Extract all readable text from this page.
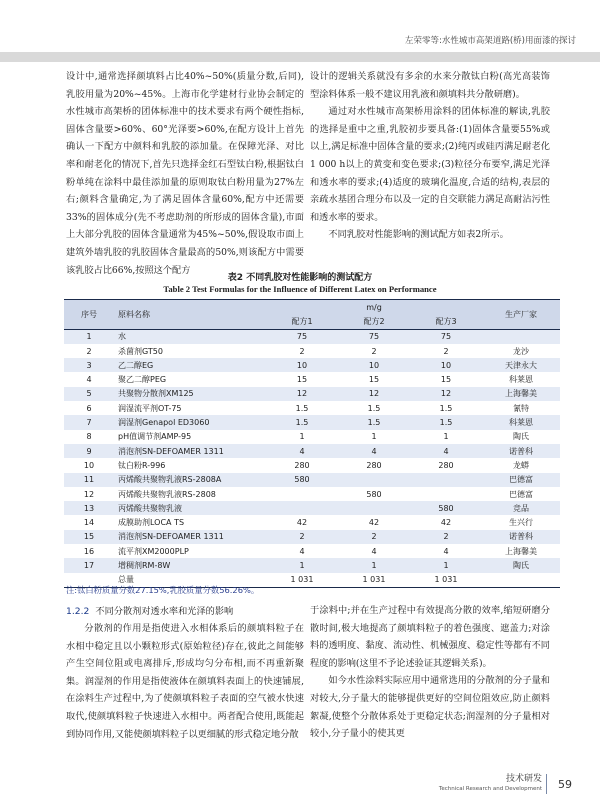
左荣零等:水性城市高架道路(桥)用面漆的探讨

设计中,通常选择颜填料占比40%~50%(质量分数,后同),乳胶用量为20%~45%。上海市化学建材行业协会制定的水性城市高架桥的团体标准中的技术要求有两个硬性指标,固体含量要>60%、60°光泽要>60%,在配方设计上首先确认一下配方中颜料和乳胶的添加量。在保障光泽、对比率和耐老化的情况下,首先只选择金红石型钛白粉,根据钛白粉单纯在涂料中最佳添加量的原则取钛白粉用量为27%左右;颜料含量确定,为了满足固体含量60%,配方中还需要33%的固体成分(先不考虑助剂的所形成的固体含量),市面上大部分乳胶的固体含量通常为45%~50%,假设取市面上建筑外墙乳胶的乳胶固体含量最高的50%,则该配方中需要该乳胶占比66%,按照这个配方

设计的逻辑关系就没有多余的水来分散钛白粉(高光高装饰型涂料体系一般不建议用乳液和颜填料共分散研磨)。

通过对水性城市高架桥用涂料的团体标准的解读,乳胶的选择是重中之重,乳胶初步要具备:(1)固体含量要55%或以上,满足标准中固体含量的要求;(2)纯丙或硅丙满足耐老化1 000 h以上的黄变和变色要求;(3)粒径分布要窄,满足光泽和透水率的要求;(4)适度的玻璃化温度,合适的结构,表层的亲疏水基团合理分布以及一定的自交联能力满足高耐沾污性和透水率的要求。

不同乳胶对性能影响的测试配方如表2所示。

表2 不同乳胶对性能影响的测试配方
Table 2 Test Formulas for the Influence of Different Latex on Performance
序号	原料名称	m/g			生产厂家
		配方1	配方2	配方3	
1	水	75	75	75	
2	杀菌剂GT50	2	2	2	龙沙
3	乙二醇EG	10	10	10	天津永大
4	聚乙二醇PEG	15	15	15	科莱恩
5	共聚物分散剂XM125	12	12	12	上海馨美
6	润湿流平剂OT-75	1.5	1.5	1.5	氰特
7	润湿剂Genapol ED3060	1.5	1.5	1.5	科莱恩
8	pH值调节剂AMP-95	1	1	1	陶氏
9	消泡剂SN-DEFOAMER 1311	4	4	4	诺普科
10	钛白粉R-996	280	280	280	龙蟒
11	丙烯酸共聚物乳液RS-2808A	580			巴德富
12	丙烯酸共聚物乳液RS-2808		580		巴德富
13	丙烯酸共聚物乳液			580	竞品
14	成膜助剂LOCA TS	42	42	42	生兴行
15	消泡剂SN-DEFOAMER 1311	2	2	2	诺普科
16	流平剂XM2000PLP	4	4	4	上海馨美
17	增稠剂RM-8W	1	1	1	陶氏
	总量	1 031	1 031	1 031	
注:钛白粉质量分数27.15%,乳胶质量分数56.26%。
1.2.2 不同分散剂对透水率和光泽的影响

分散剂的作用是指使进入水相体系后的颜填料粒子在水相中稳定且以小颗粒形式(原始粒径)存在,彼此之间能够产生空间位阻或电离排斥,形成均匀分布相,而不再重新聚集。润湿剂的作用是指使液体在颜填料表面上的快速铺展,在涂料生产过程中,为了使颜填料粒子表面的空气被水快速取代,使颜填料粒子快速进入水相中。两者配合使用,既能起到协同作用,又能使颜填料粒子以更细腻的形式稳定地分散

于涂料中;并在生产过程中有效提高分散的效率,缩短研磨分散时间,极大地提高了颜填料粒子的着色强度、遮盖力;对涂料的透明度、黏度、流动性、机械强度、稳定性等都有不同程度的影响(这里不予论述验证其逻辑关系)。

如今水性涂料实际应用中通常选用的分散剂的分子量和对较大,分子量大的能够提供更好的空间位阻效应,防止颜料絮凝,使整个分散体系处于更稳定状态;润湿剂的分子量相对较小,分子量小的使其更

技术研发
Technical Research and Development 59
